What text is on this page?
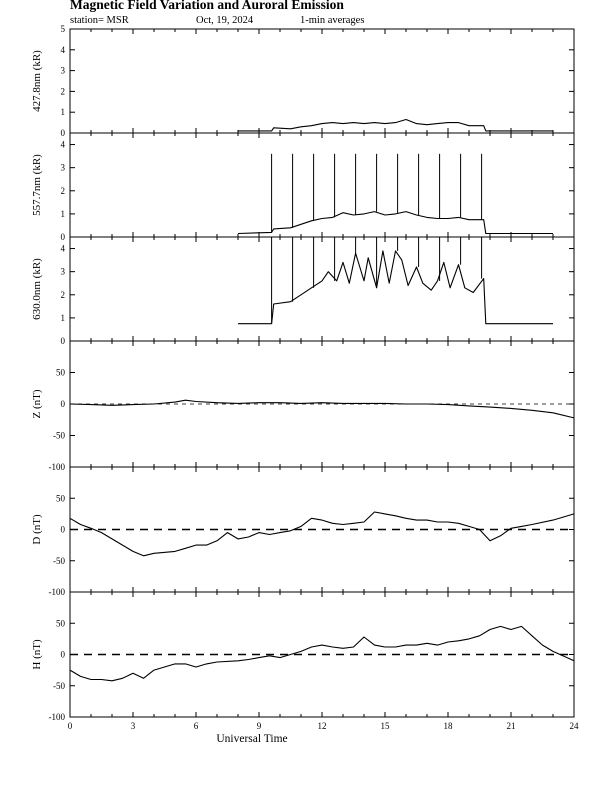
Magnetic Field Variation and Auroral Emission
station= MSR	Oct, 19, 2024	1-min averages
0
1
2
3
4
5
427.8nm (kR)
0
1
2
3
4
557.7nm (kR)
0
1
2
3
4
630.0nm (kR)
-100
-50
0
50
Z (nT)
-100
-50
0
50
D (nT)
-100
-50
0
50
H (nT)
0	3	6	9	12	15	18	21	24
Universal Time
